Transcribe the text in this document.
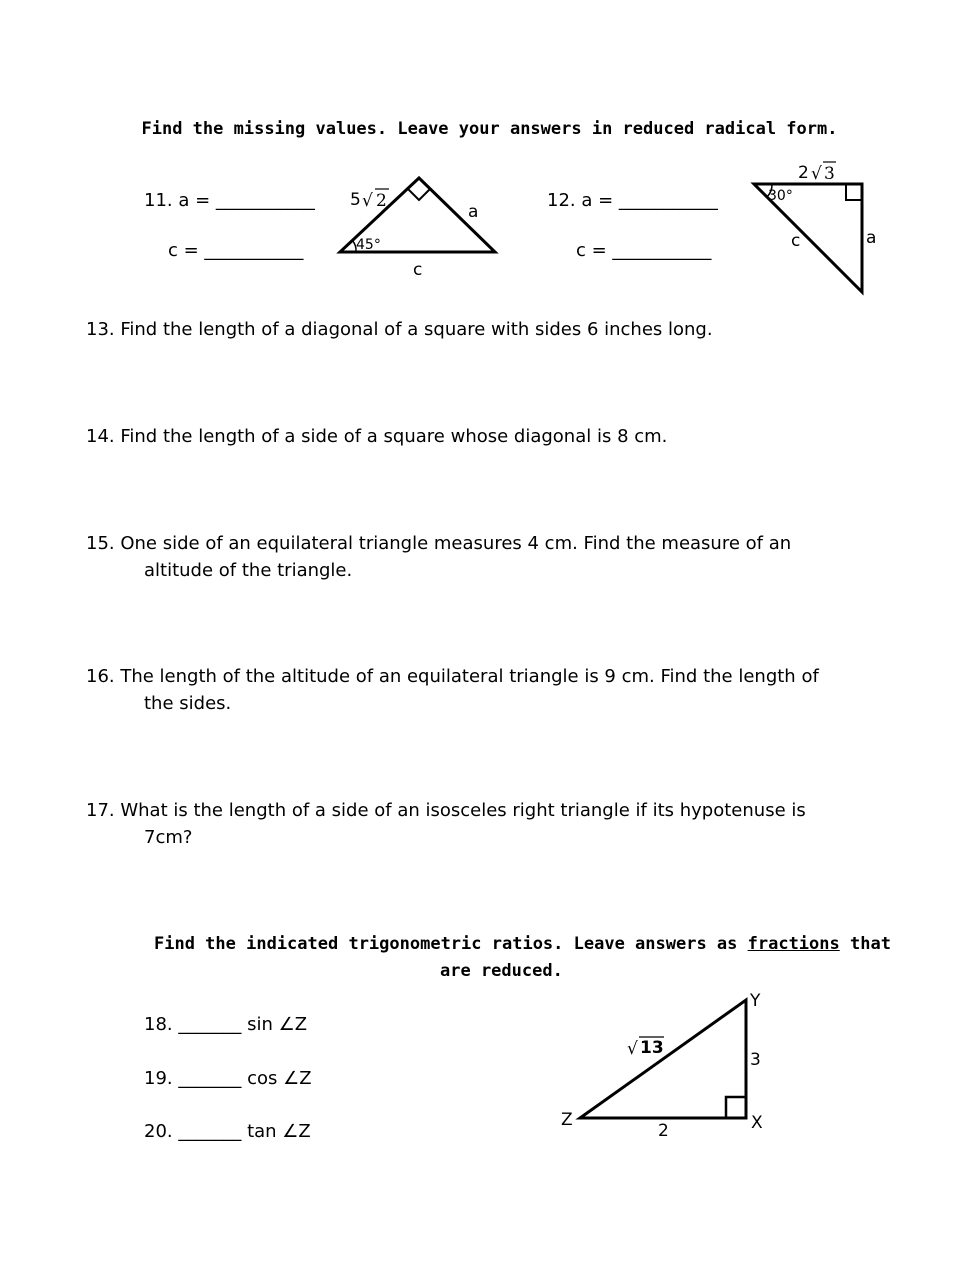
Find the missing values. Leave your answers in reduced radical form.
11. a = ___________
c = ___________
12. a = ___________
c = ___________
5 √ 2
45°
a
c
2 √ 3
30°
c	a
13. Find the length of a diagonal of a square with sides 6 inches long.
14. Find the length of a side of a square whose diagonal is 8 cm.
15. One side of an equilateral triangle measures 4 cm. Find the measure of an
altitude of the triangle.
16. The length of the altitude of an equilateral triangle is 9 cm. Find the length of
the sides.
17. What is the length of a side of an isosceles right triangle if its hypotenuse is
7cm?
Find the indicated trigonometric ratios. Leave answers as fractions that
are reduced.
18. _______ sin ∠Z
19. _______ cos ∠Z
20. _______ tan ∠Z
Y
Z	X
√ 13
3
2
